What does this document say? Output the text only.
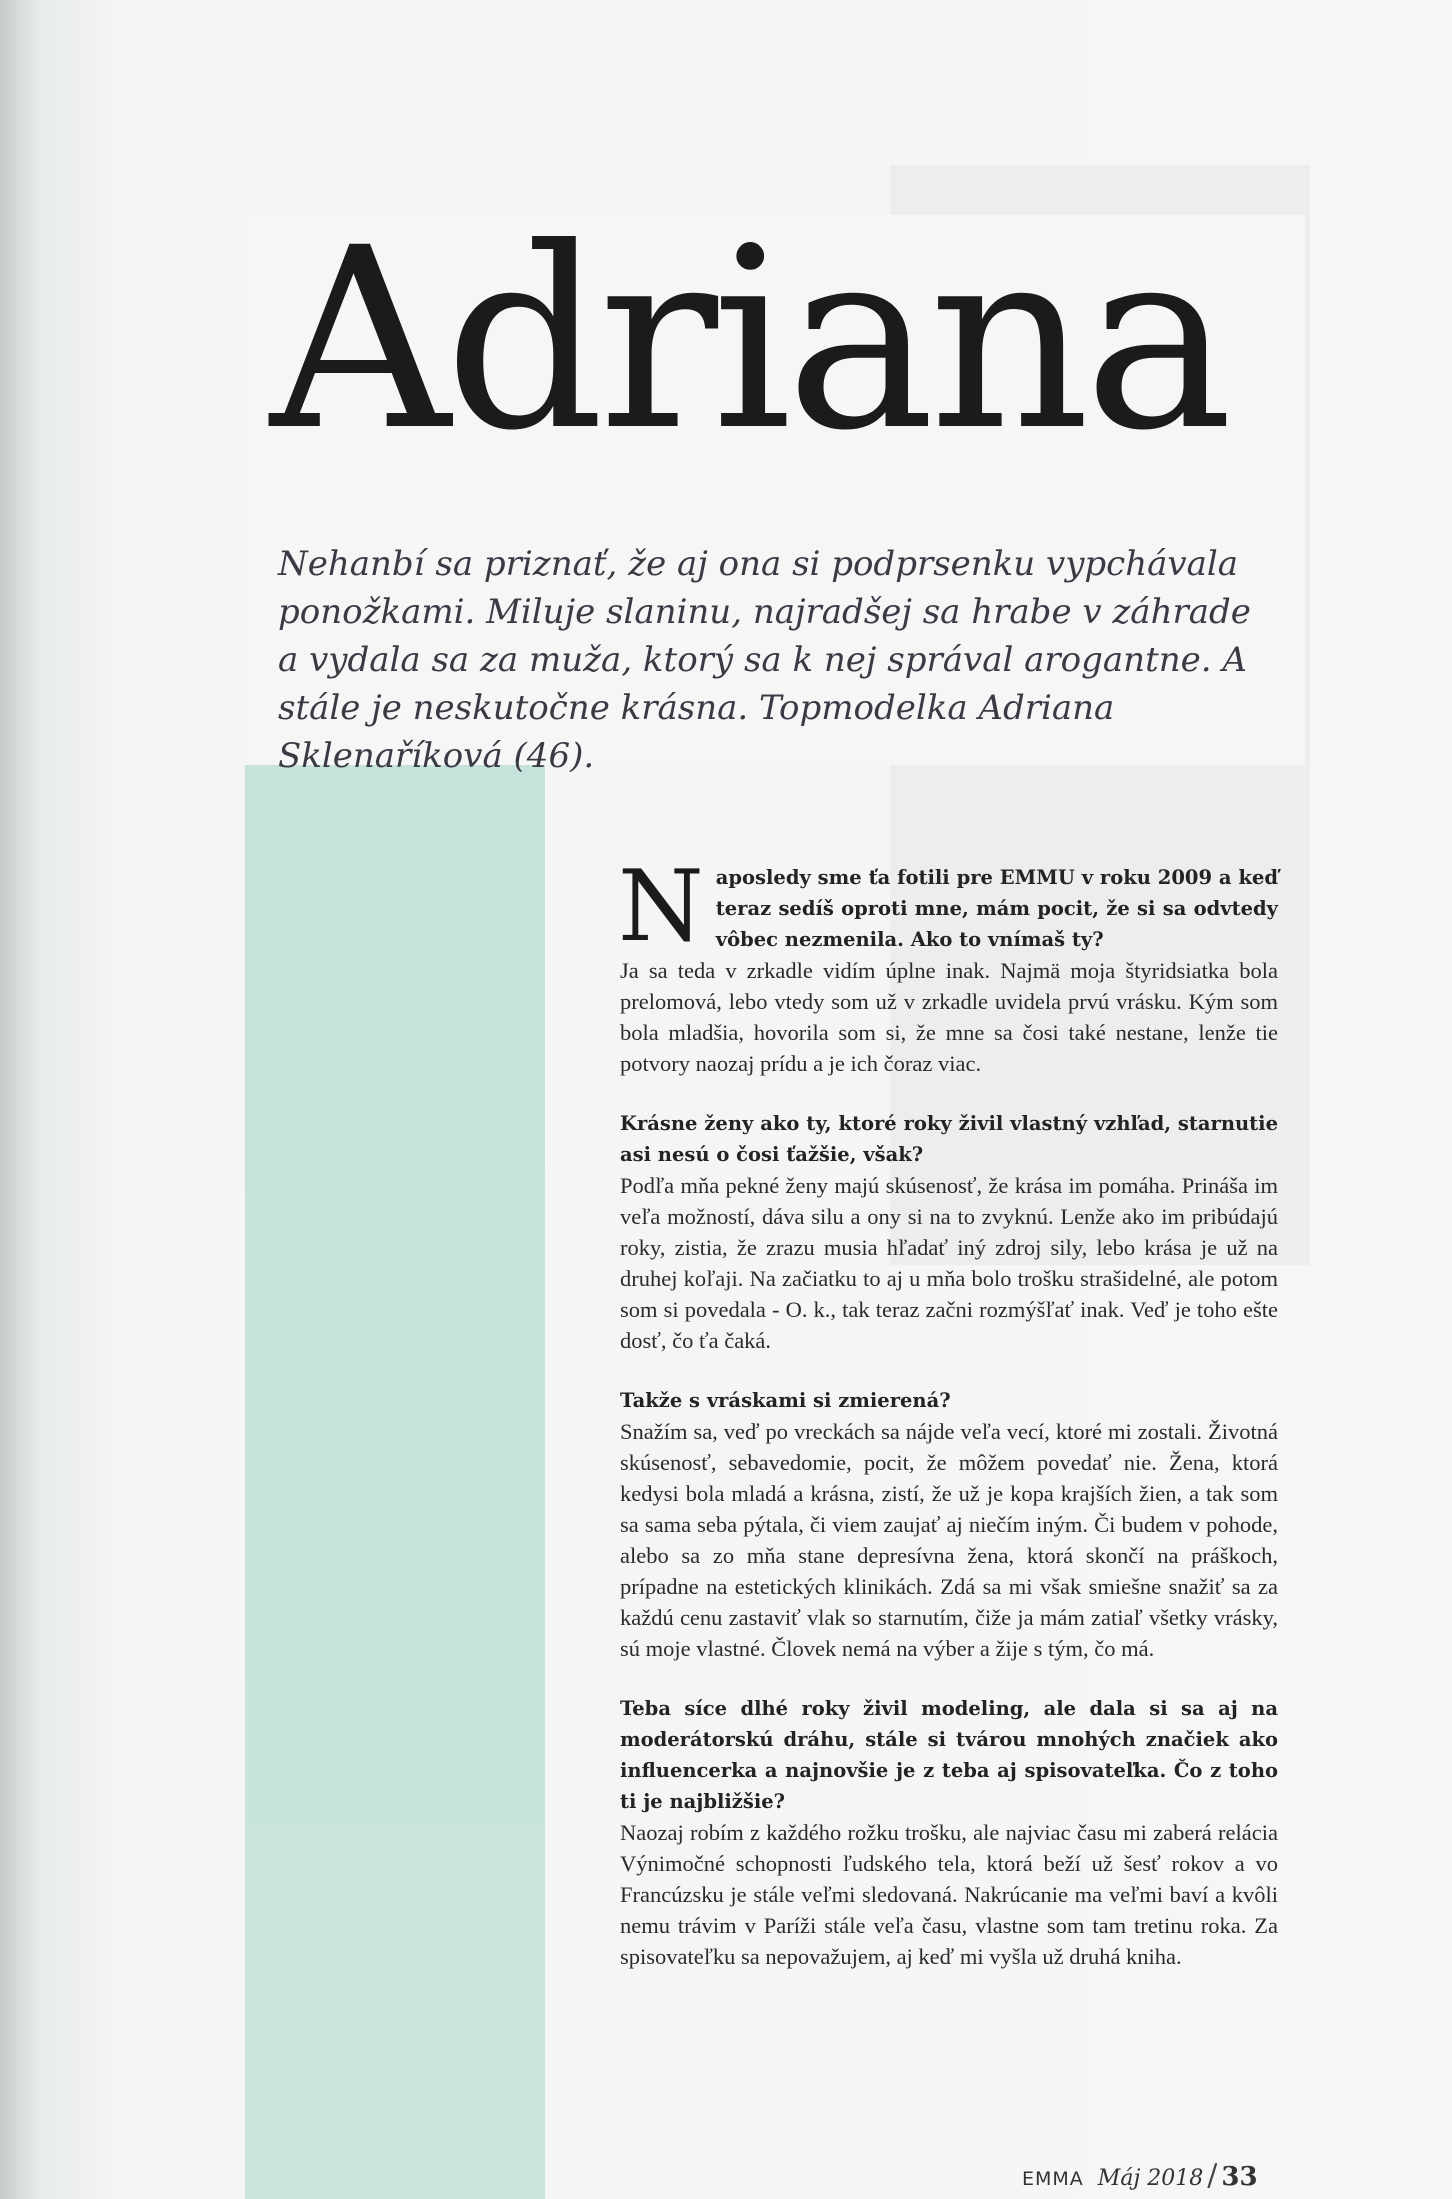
Adriana

Nehanbí sa priznať, že aj ona si podprsenku vypchávala ponožkami. Miluje slaninu, najradšej sa hrabe v záhrade a vydala sa za muža, ktorý sa k nej správal arogantne. A stále je neskutočne krásna. Topmodelka Adriana Sklenaříková (46).

Naposledy sme ťa fotili pre EMMU v roku 2009 a keď teraz sedíš oproti mne, mám pocit, že si sa odvtedy vôbec nezmenila. Ako to vnímaš ty?

Ja sa teda v zrkadle vidím úplne inak. Najmä moja štyridsiatka bola prelomová, lebo vtedy som už v zrkadle uvidela prvú vrásku. Kým som bola mladšia, hovorila som si, že mne sa čosi také nestane, lenže tie potvory naozaj prídu a je ich čoraz viac.

Krásne ženy ako ty, ktoré roky živil vlastný vzhľad, starnutie asi nesú o čosi ťažšie, však?

Podľa mňa pekné ženy majú skúsenosť, že krása im pomáha. Prináša im veľa možností, dáva silu a ony si na to zvyknú. Lenže ako im pribúdajú roky, zistia, že zrazu musia hľadať iný zdroj sily, lebo krása je už na druhej koľaji. Na začiatku to aj u mňa bolo trošku strašidelné, ale potom som si povedala - O. k., tak teraz začni rozmýšľať inak. Veď je toho ešte dosť, čo ťa čaká.

Takže s vráskami si zmierená?

Snažím sa, veď po vreckách sa nájde veľa vecí, ktoré mi zostali. Životná skúsenosť, sebavedomie, pocit, že môžem povedať nie. Žena, ktorá kedysi bola mladá a krásna, zistí, že už je kopa krajších žien, a tak som sa sama seba pýtala, či viem zaujať aj niečím iným. Či budem v pohode, alebo sa zo mňa stane depresívna žena, ktorá skončí na práškoch, prípadne na estetických klinikách. Zdá sa mi však smiešne snažiť sa za každú cenu zastaviť vlak so starnutím, čiže ja mám zatiaľ všetky vrásky, sú moje vlastné. Človek nemá na výber a žije s tým, čo má.

Teba síce dlhé roky živil modeling, ale dala si sa aj na moderátorskú dráhu, stále si tvárou mnohých značiek ako influencerka a najnovšie je z teba aj spisovateľka. Čo z toho ti je najbližšie?

Naozaj robím z každého rožku trošku, ale najviac času mi zaberá relácia Výnimočné schopnosti ľudského tela, ktorá beží už šesť rokov a vo Francúzsku je stále veľmi sledovaná. Nakrúcanie ma veľmi baví a kvôli nemu trávim v Paríži stále veľa času, vlastne som tam tretinu roka. Za spisovateľku sa nepovažujem, aj keď mi vyšla už druhá kniha.

EMMA Máj 2018 / 33
